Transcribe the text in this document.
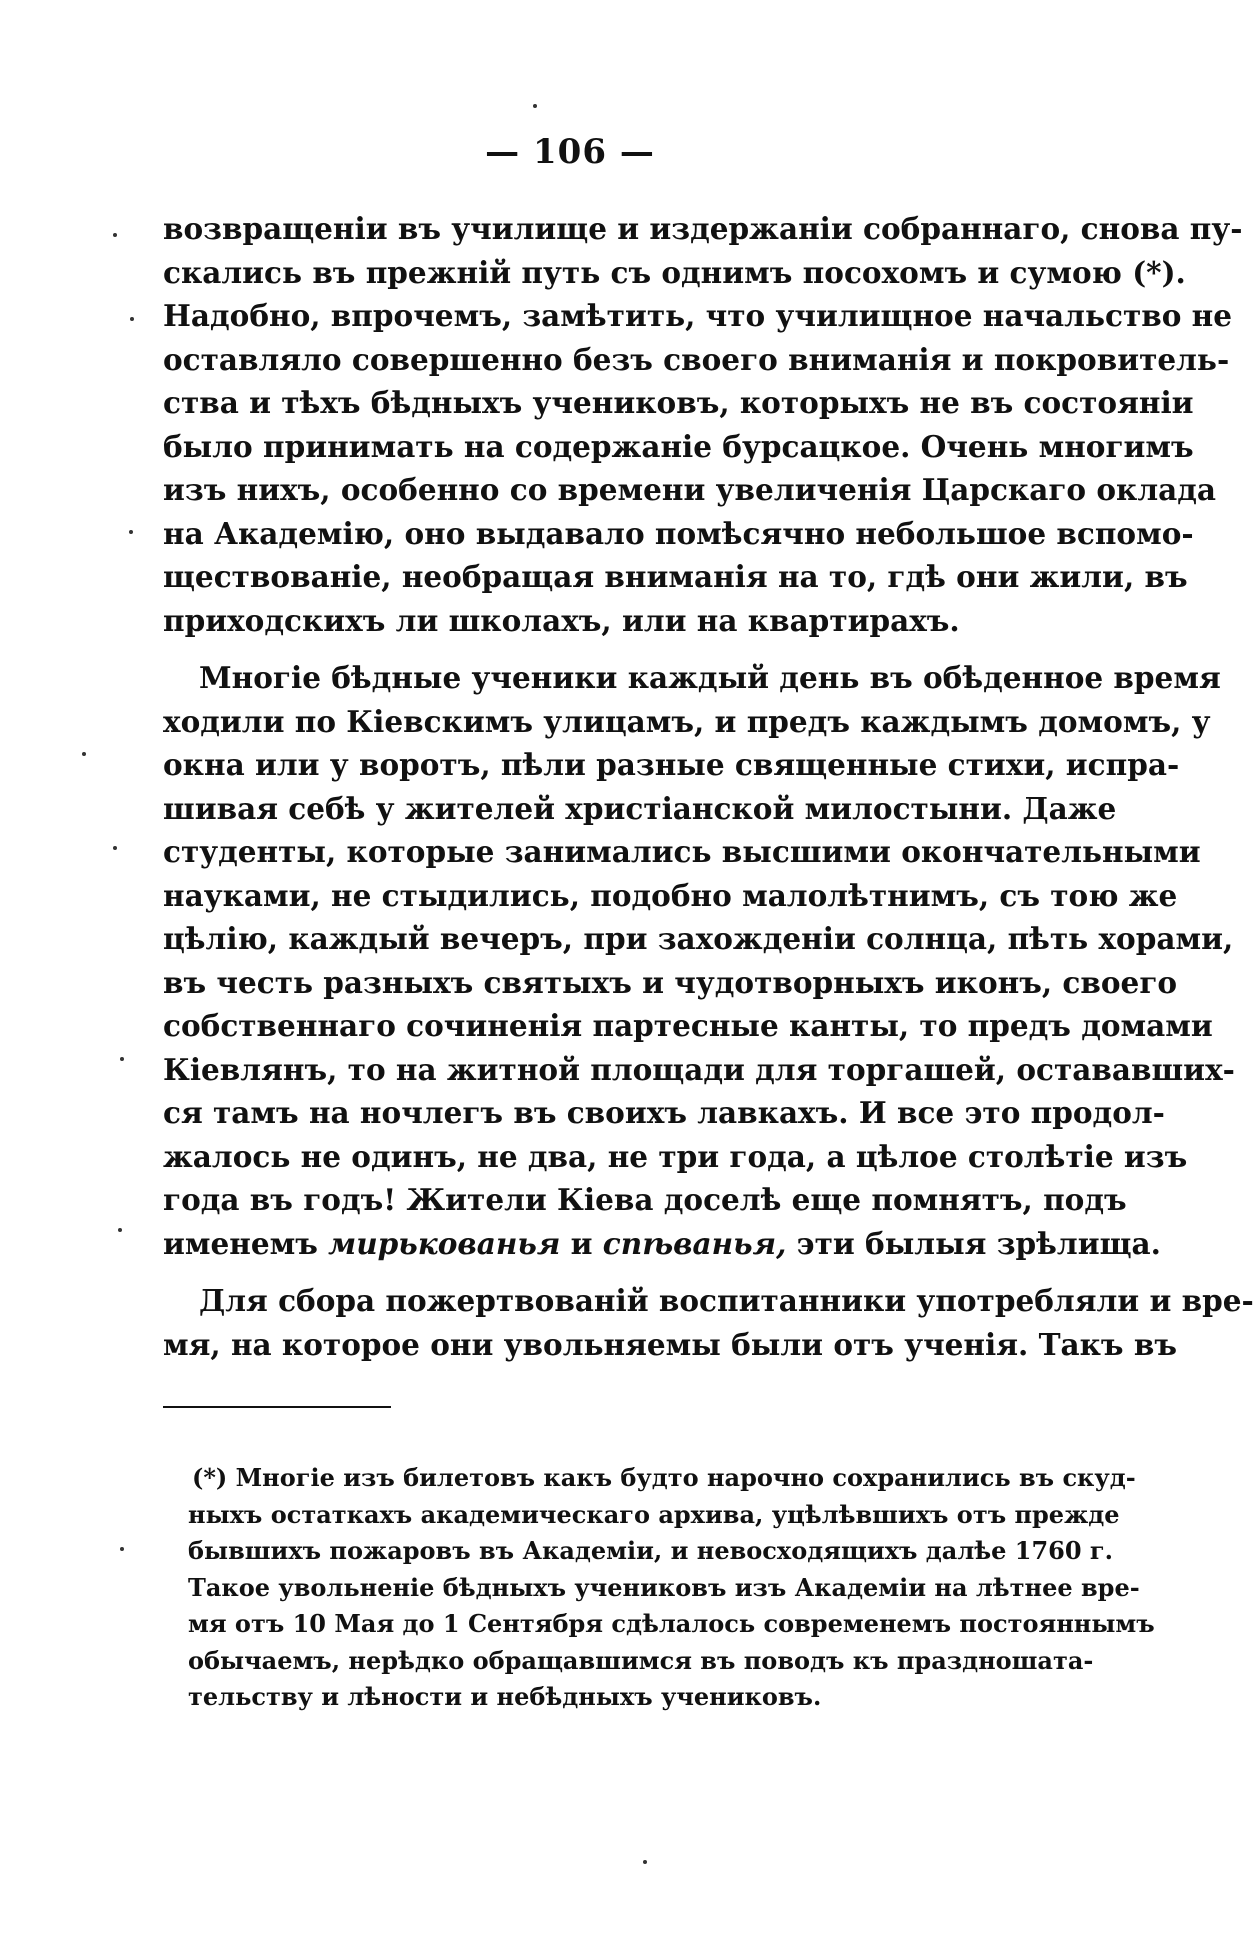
— 106 —
возвращеніи въ училище и издержаніи собраннаго, снова пу-
скались въ прежній путь съ однимъ посохомъ и сумою (*).
Надобно, впрочемъ, замѣтить, что училищное начальство не
оставляло совершенно безъ своего вниманія и покровитель-
ства и тѣхъ бѣдныхъ учениковъ, которыхъ не въ состояніи
было принимать на содержаніе бурсацкое. Очень многимъ
изъ нихъ, особенно со времени увеличенія Царскаго оклада
на Академію, оно выдавало помѣсячно небольшое вспомо-
ществованіе, необращая вниманія на то, гдѣ они жили, въ
приходскихъ ли школахъ, или на квартирахъ.
Многіе бѣдные ученики каждый день въ обѣденное время
ходили по Кіевскимъ улицамъ, и предъ каждымъ домомъ, у
окна или у воротъ, пѣли разные священные стихи, испра-
шивая себѣ у жителей христіанской милостыни. Даже
студенты, которые занимались высшими окончательными
науками, не стыдились, подобно малолѣтнимъ, съ тою же
цѣлію, каждый вечеръ, при захожденіи солнца, пѣть хорами,
въ честь разныхъ святыхъ и чудотворныхъ иконъ, своего
собственнаго сочиненія партесные канты, то предъ домами
Кіевлянъ, то на житной площади для торгашей, остававших-
ся тамъ на ночлегъ въ своихъ лавкахъ. И все это продол-
жалось не одинъ, не два, не три года, а цѣлое столѣтіе изъ
года въ годъ! Жители Кіева доселѣ еще помнятъ, подъ
именемъ мирькованья и спѣванья, эти былыя зрѣлища.
Для сбора пожертвованій воспитанники употребляли и вре-
мя, на которое они увольняемы были отъ ученія. Такъ въ
(*) Многіе изъ билетовъ какъ будто нарочно сохранились въ скуд-
ныхъ остаткахъ академическаго архива, уцѣлѣвшихъ отъ прежде
бывшихъ пожаровъ въ Академіи, и невосходящихъ далѣе 1760 г.
Такое увольненіе бѣдныхъ учениковъ изъ Академіи на лѣтнее вре-
мя отъ 10 Мая до 1 Сентября сдѣлалось современемъ постояннымъ
обычаемъ, нерѣдко обращавшимся въ поводъ къ праздношата-
тельству и лѣности и небѣдныхъ учениковъ.
